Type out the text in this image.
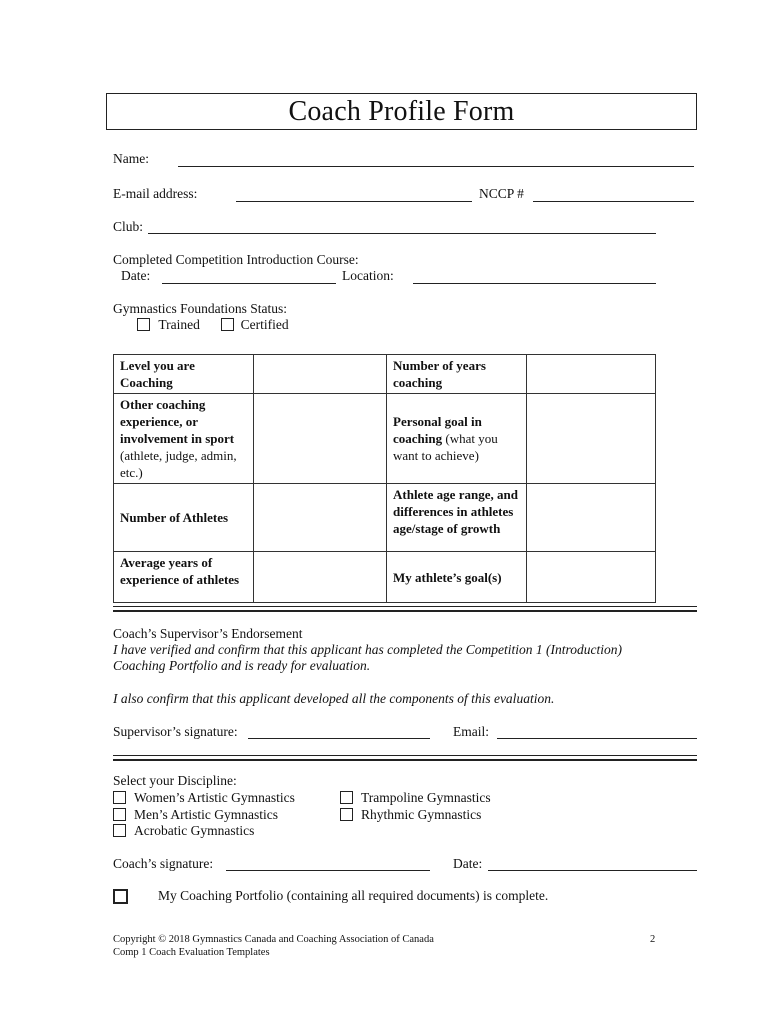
Coach Profile Form
Name:
E-mail address:	NCCP #
Club:
Completed Competition Introduction Course:
Date:	Location:
Gymnastics Foundations Status:
Trained	Certified
Level you are Coaching		Number of years coaching	
Other coaching experience, or involvement in sport (athlete, judge, admin, etc.)		Personal goal in coaching (what you want to achieve)	
Number of Athletes		Athlete age range, and differences in athletes age/stage of growth	
Average years of experience of athletes		My athlete’s goal(s)	
Coach’s Supervisor’s Endorsement
I have verified and confirm that this applicant has completed the Competition 1 (Introduction) Coaching Portfolio and is ready for evaluation.
I also confirm that this applicant developed all the components of this evaluation.
Supervisor’s signature:	Email:
Select your Discipline:
Women’s Artistic Gymnastics
Men’s Artistic Gymnastics
Acrobatic Gymnastics
Trampoline Gymnastics
Rhythmic Gymnastics
Coach’s signature:	Date:
My Coaching Portfolio (containing all required documents) is complete.
Copyright © 2018 Gymnastics Canada and Coaching Association of Canada
Comp 1 Coach Evaluation Templates
2
